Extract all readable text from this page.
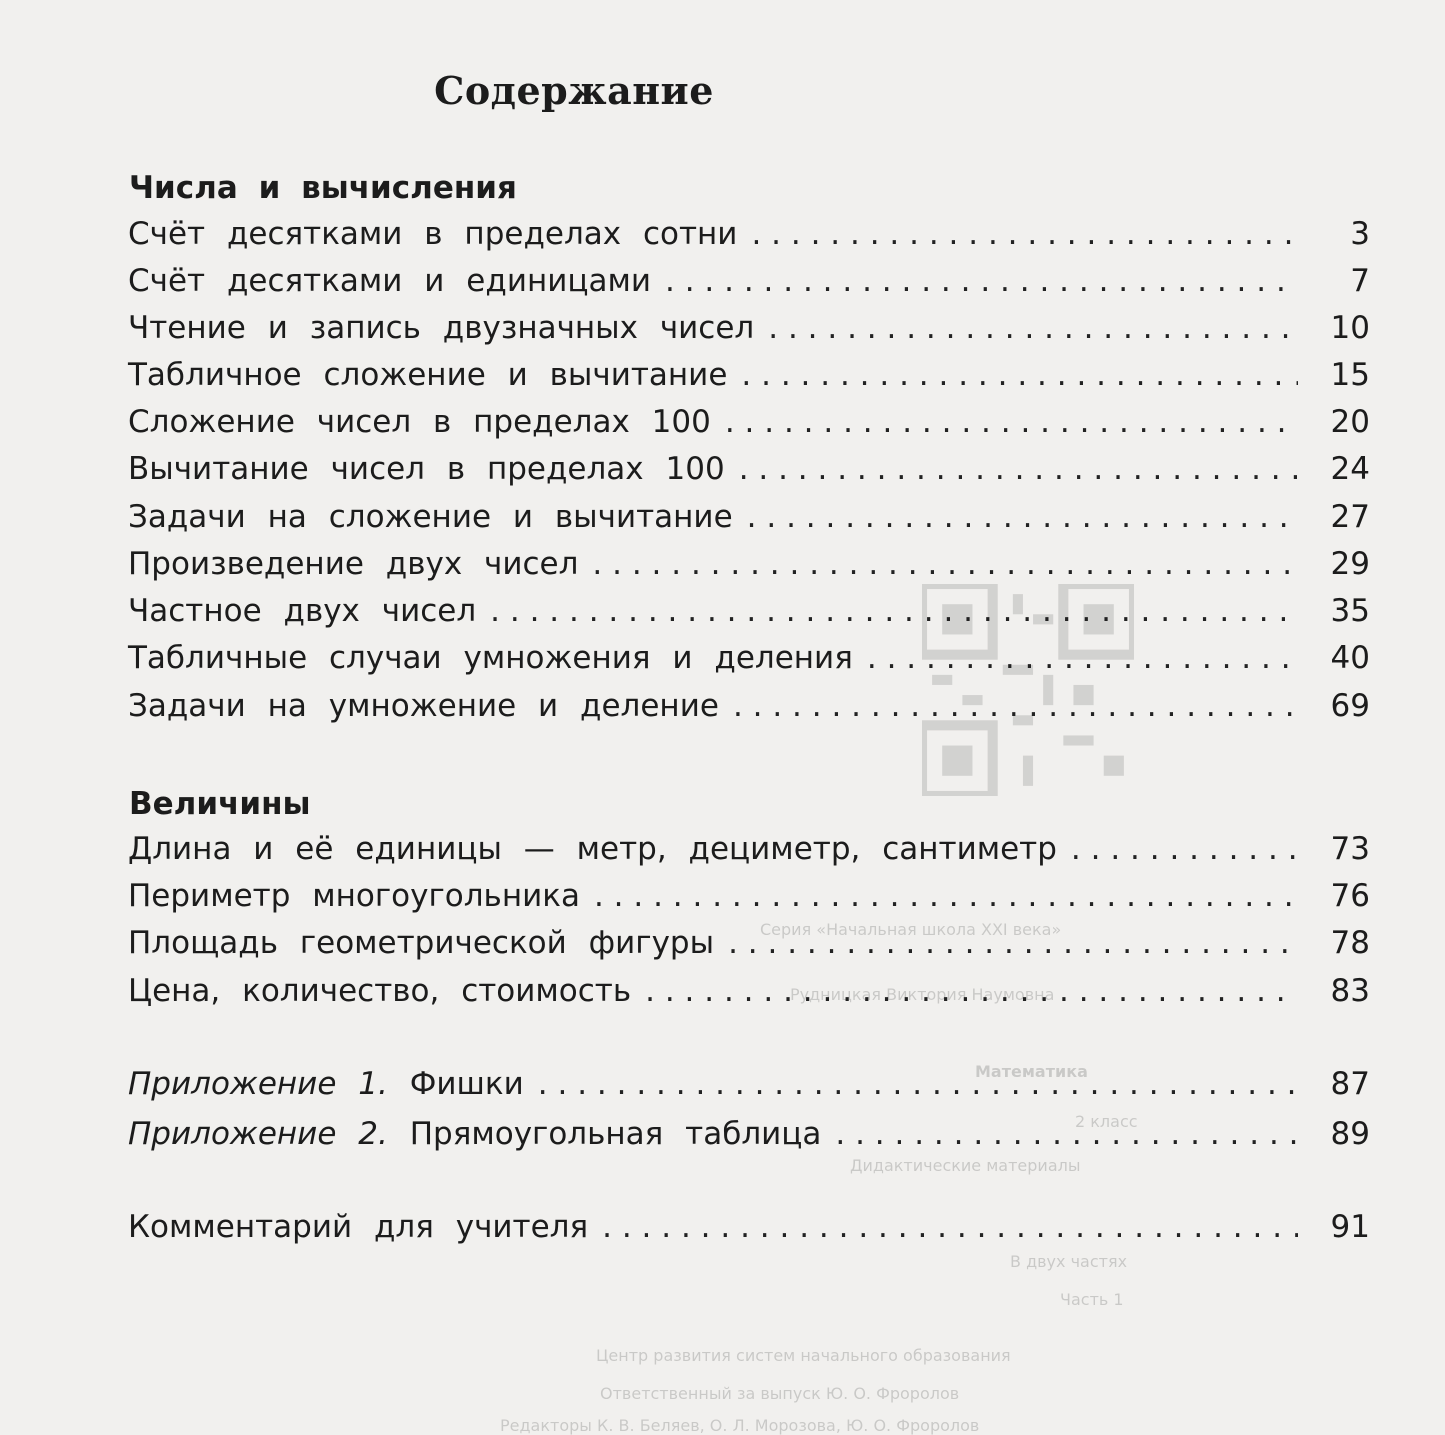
Серия «Начальная школа XXI века»
Рудницкая Виктория Наумовна
Математика
2 класс
Дидактические материалы
В двух частях
Часть 1
Центр развития систем начального образования
Ответственный за выпуск Ю. О. Фроролов
Редакторы К. В. Беляев, О. Л. Морозова, Ю. О. Фроролов
Содержание
Числа и вычисления
Счёт десятками в пределах сотни . . .	3
Счёт десятками и единицами . . .	7
Чтение и запись двузначных чисел . . .	10
Табличное сложение и вычитание . . .	15
Сложение чисел в пределах 100 . . .	20
Вычитание чисел в пределах 100 . . .	24
Задачи на сложение и вычитание . . .	27
Произведение двух чисел . . .	29
Частное двух чисел . . .	35
Табличные случаи умножения и деления . . .	40
Задачи на умножение и деление . . .	69
Величины
Длина и её единицы — метр, дециметр, сантиметр . . .	73
Периметр многоугольника . . .	76
Площадь геометрической фигуры . . .	78
Цена, количество, стоимость . . .	83
Приложение 1. Фишки . . .	87
Приложение 2. Прямоугольная таблица . . .	89
Комментарий для учителя . . .	91
